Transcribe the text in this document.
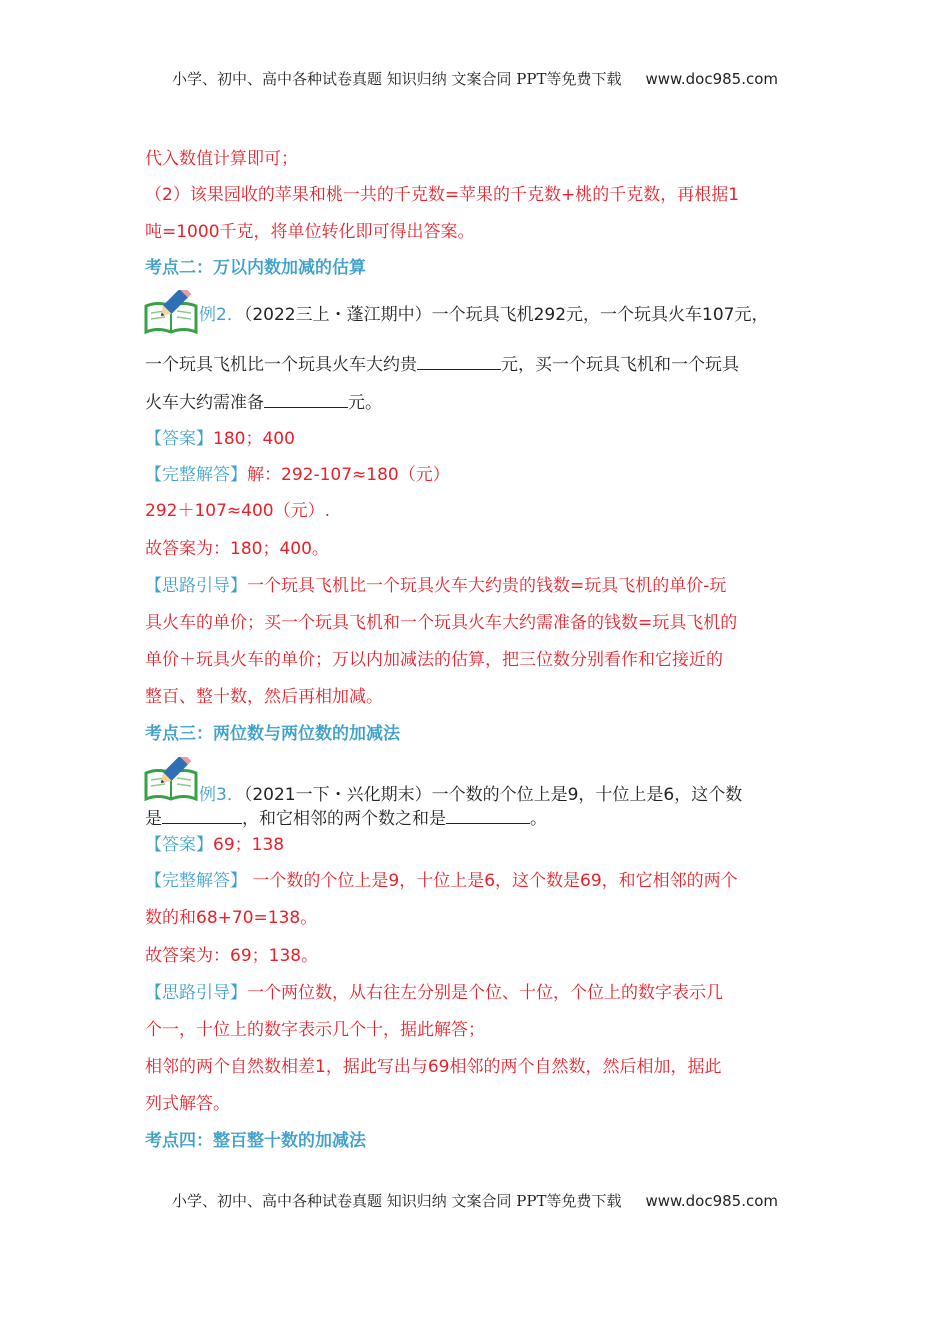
小学、初中、高中各种试卷真题 知识归纳 文案合同 PPT等免费下载 www.doc985.com
代入数值计算即可；
（2）该果园收的苹果和桃一共的千克数=苹果的千克数+桃的千克数，再根据1
吨=1000千克，将单位转化即可得出答案。
考点二：万以内数加减的估算
例2．（2022三上・蓬江期中）一个玩具飞机292元，一个玩具火车107元，
一个玩具飞机比一个玩具火车大约贵	元，买一个玩具飞机和一个玩具
火车大约需准备	元。
【答案】180；400
【完整解答】解：292-107≈180（元）
292＋107≈400（元）.
故答案为：180；400。
【思路引导】一个玩具飞机比一个玩具火车大约贵的钱数=玩具飞机的单价-玩
具火车的单价；买一个玩具飞机和一个玩具火车大约需准备的钱数=玩具飞机的
单价＋玩具火车的单价；万以内加减法的估算，把三位数分别看作和它接近的
整百、整十数，然后再相加减。
考点三：两位数与两位数的加减法
例3．（2021一下・兴化期末）一个数的个位上是9，十位上是6，这个数
是	，和它相邻的两个数之和是	。
【答案】69；138
【完整解答】 一个数的个位上是9，十位上是6，这个数是69，和它相邻的两个
数的和68+70=138。
故答案为：69；138。
【思路引导】一个两位数，从右往左分别是个位、十位，个位上的数字表示几
个一，十位上的数字表示几个十，据此解答；
相邻的两个自然数相差1，据此写出与69相邻的两个自然数，然后相加，据此
列式解答。
考点四：整百整十数的加减法
小学、初中、高中各种试卷真题 知识归纳 文案合同 PPT等免费下载 www.doc985.com
